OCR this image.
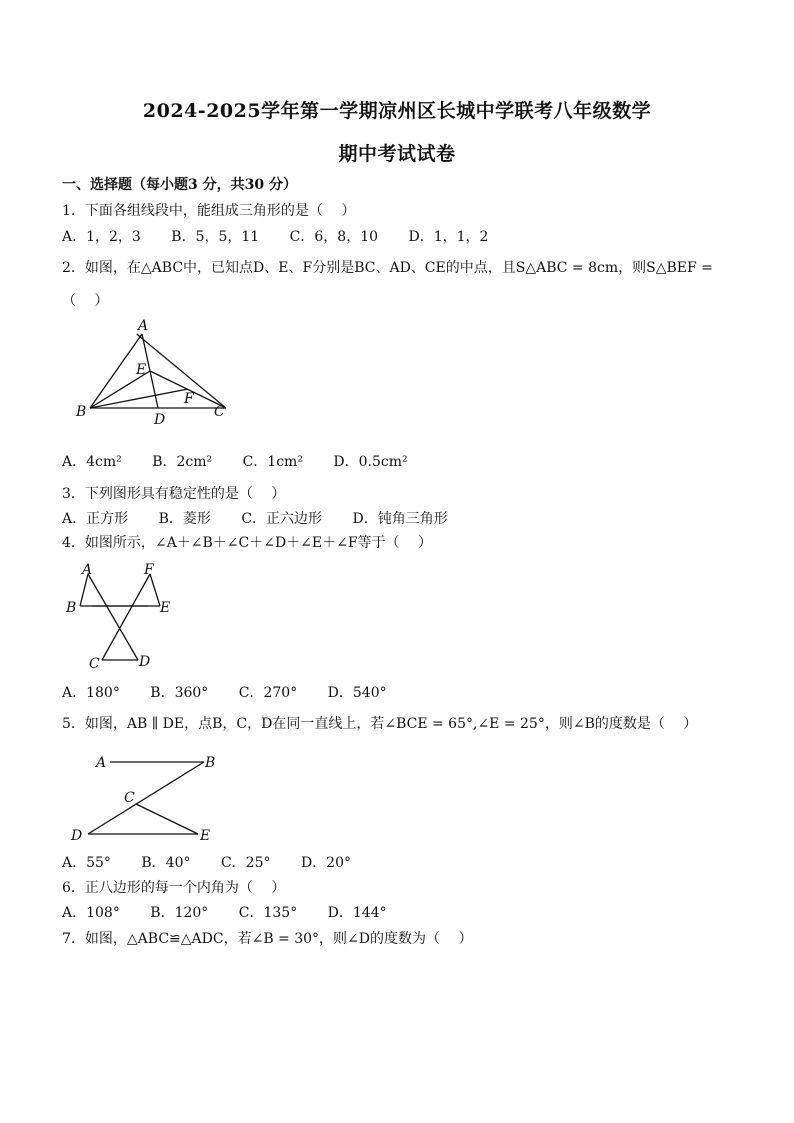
2024-2025学年第一学期凉州区长城中学联考八年级数学
期中考试试卷
一、选择题（每小题3 分，共30 分）
1．下面各组线段中，能组成三角形的是（　 ）
A．1，2，3 B．5，5，11 C．6，8，10 D．1，1，2
2．如图，在△ABC中，已知点D、E、F分别是BC、AD、CE的中点，且S△ABC = 8cm，则S△BEF =
（　 ）
A
E
F
B	D	C
A．4cm² B．2cm² C．1cm² D．0.5cm²
3．下列图形具有稳定性的是（　 ）
A．正方形 B．菱形 C．正六边形 D．钝角三角形
4．如图所示，∠A＋∠B＋∠C＋∠D＋∠E＋∠F等于（　 ）
A	F
B	E
C	D
A．180° B．360° C．270° D．540°
5．如图，AB ∥ DE，点B，C，D在同一直线上，若∠BCE = 65°,∠E = 25°，则∠B的度数是（　 ）
A	B
C
D	E
A．55° B．40° C．25° D．20°
6．正八边形的每一个内角为（　 ）
A．108° B．120° C．135° D．144°
7．如图，△ABC≌△ADC，若∠B = 30°，则∠D的度数为（　 ）
